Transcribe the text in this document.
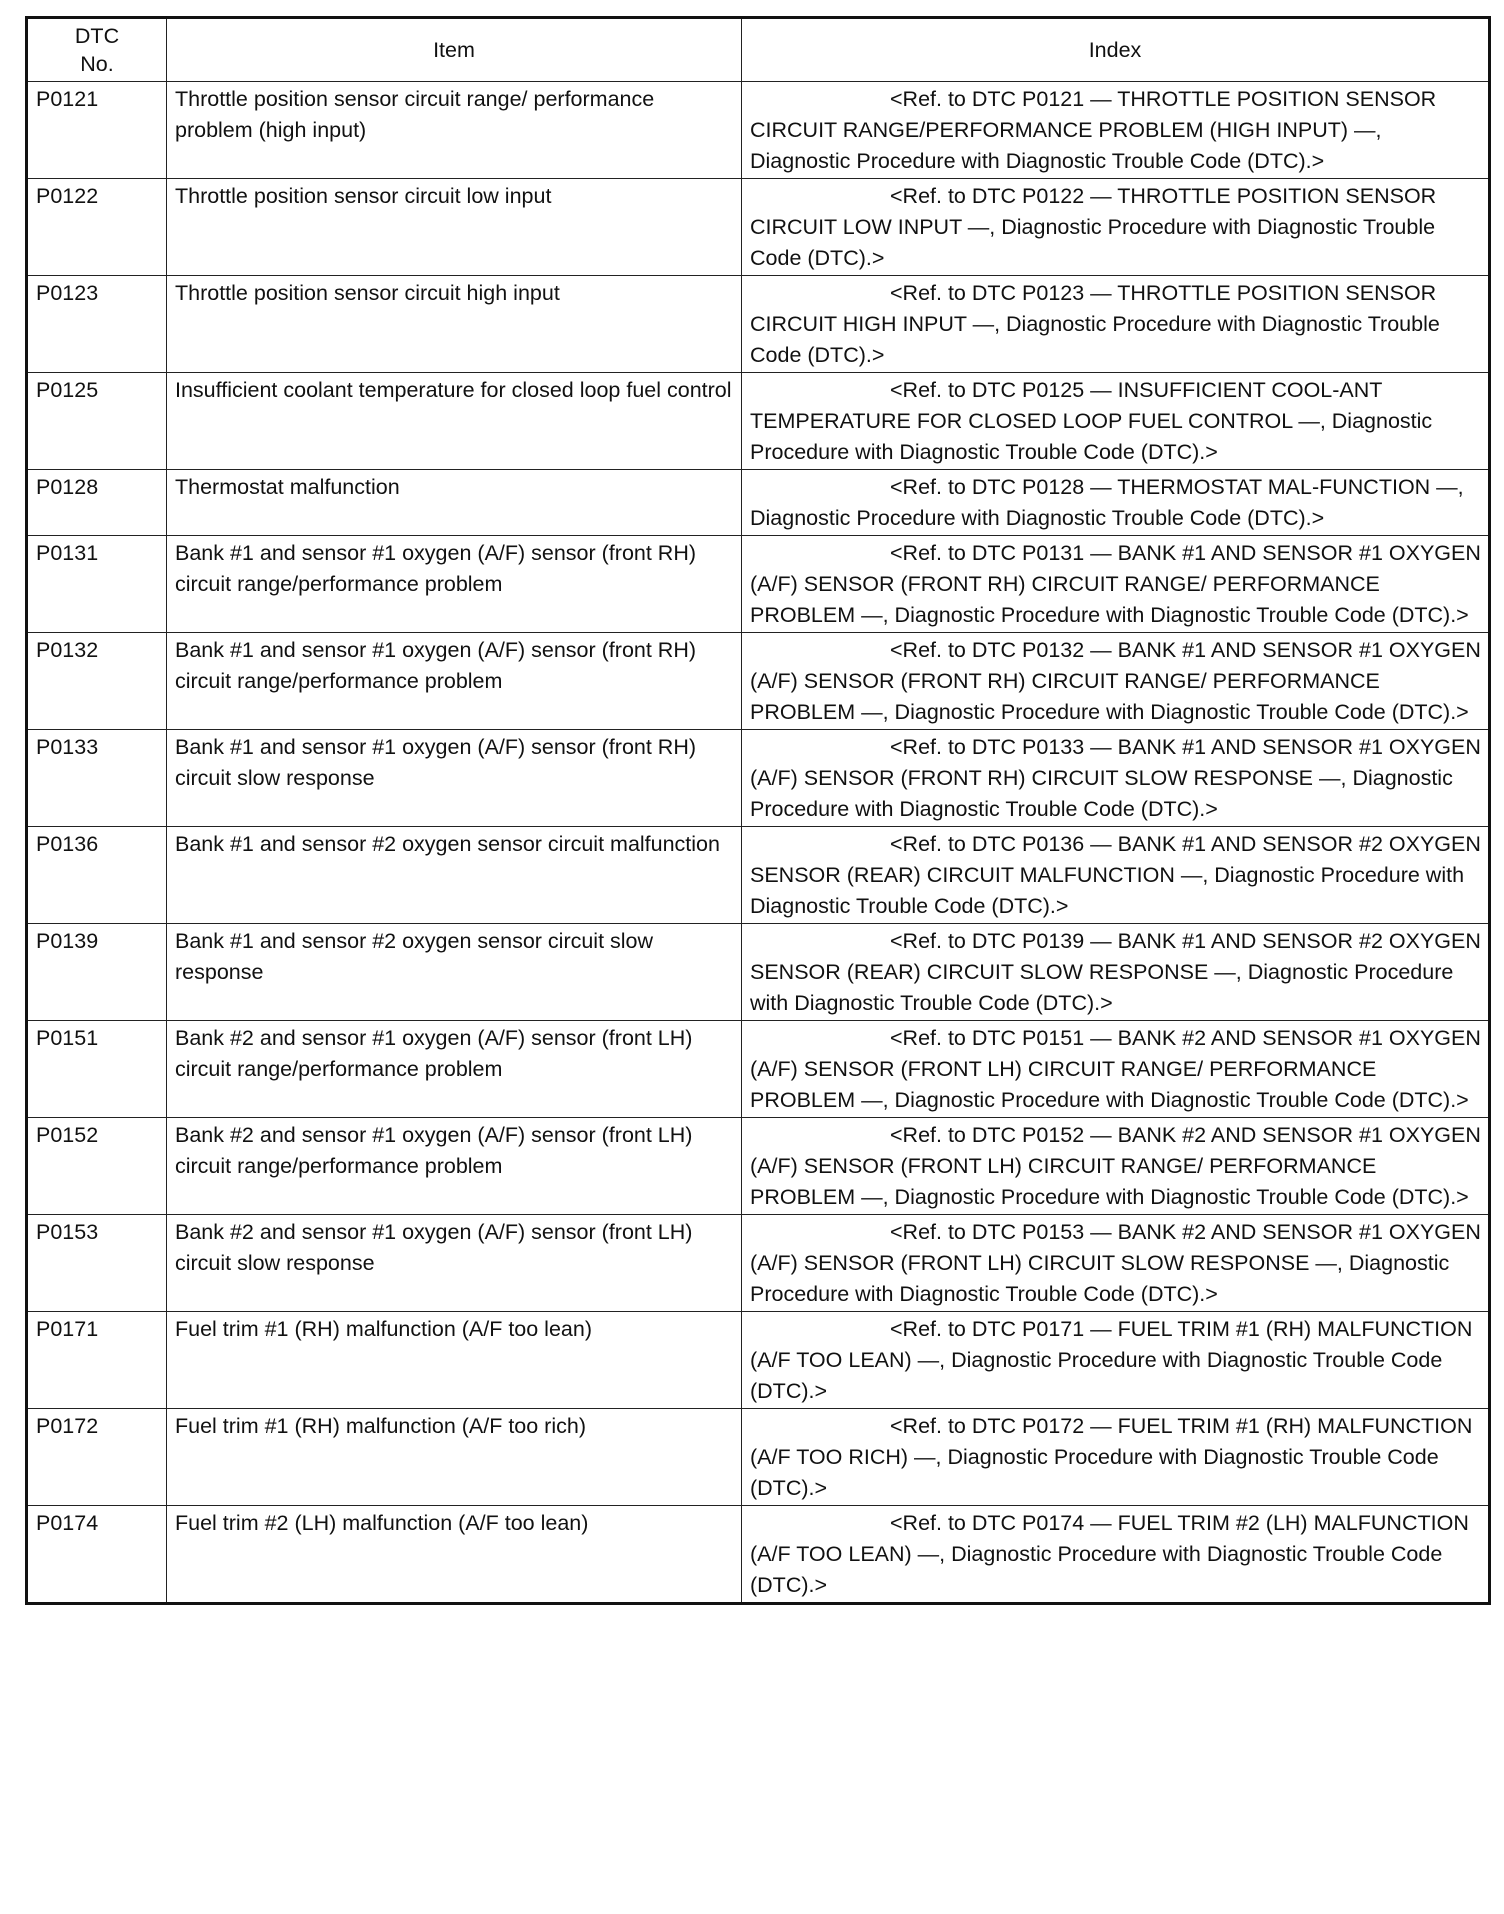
DTC
No.	Item	Index
P0121	Throttle position sensor circuit range/ performance problem (high input)	<Ref. to DTC P0121 — THROTTLE POSITION SENSOR CIRCUIT RANGE/PERFORMANCE PROBLEM (HIGH INPUT) —, Diagnostic Procedure with Diagnostic Trouble Code (DTC).>
P0122	Throttle position sensor circuit low input	<Ref. to DTC P0122 — THROTTLE POSITION SENSOR CIRCUIT LOW INPUT —, Diagnostic Procedure with Diagnostic Trouble Code (DTC).>
P0123	Throttle position sensor circuit high input	<Ref. to DTC P0123 — THROTTLE POSITION SENSOR CIRCUIT HIGH INPUT —, Diagnostic Procedure with Diagnostic Trouble Code (DTC).>
P0125	Insufficient coolant temperature for closed loop fuel control	<Ref. to DTC P0125 — INSUFFICIENT COOL-ANT TEMPERATURE FOR CLOSED LOOP FUEL CONTROL —, Diagnostic Procedure with Diagnostic Trouble Code (DTC).>
P0128	Thermostat malfunction	<Ref. to DTC P0128 — THERMOSTAT MAL-FUNCTION —, Diagnostic Procedure with Diagnostic Trouble Code (DTC).>
P0131	Bank #1 and sensor #1 oxygen (A/F) sensor (front RH) circuit range/performance problem	<Ref. to DTC P0131 — BANK #1 AND SENSOR #1 OXYGEN (A/F) SENSOR (FRONT RH) CIRCUIT RANGE/ PERFORMANCE PROBLEM —, Diagnostic Procedure with Diagnostic Trouble Code (DTC).>
P0132	Bank #1 and sensor #1 oxygen (A/F) sensor (front RH) circuit range/performance problem	<Ref. to DTC P0132 — BANK #1 AND SENSOR #1 OXYGEN (A/F) SENSOR (FRONT RH) CIRCUIT RANGE/ PERFORMANCE PROBLEM —, Diagnostic Procedure with Diagnostic Trouble Code (DTC).>
P0133	Bank #1 and sensor #1 oxygen (A/F) sensor (front RH) circuit slow response	<Ref. to DTC P0133 — BANK #1 AND SENSOR #1 OXYGEN (A/F) SENSOR (FRONT RH) CIRCUIT SLOW RESPONSE —, Diagnostic Procedure with Diagnostic Trouble Code (DTC).>
P0136	Bank #1 and sensor #2 oxygen sensor circuit malfunction	<Ref. to DTC P0136 — BANK #1 AND SENSOR #2 OXYGEN SENSOR (REAR) CIRCUIT MALFUNCTION —, Diagnostic Procedure with Diagnostic Trouble Code (DTC).>
P0139	Bank #1 and sensor #2 oxygen sensor circuit slow response	<Ref. to DTC P0139 — BANK #1 AND SENSOR #2 OXYGEN SENSOR (REAR) CIRCUIT SLOW RESPONSE —, Diagnostic Procedure with Diagnostic Trouble Code (DTC).>
P0151	Bank #2 and sensor #1 oxygen (A/F) sensor (front LH) circuit range/performance problem	<Ref. to DTC P0151 — BANK #2 AND SENSOR #1 OXYGEN (A/F) SENSOR (FRONT LH) CIRCUIT RANGE/ PERFORMANCE PROBLEM —, Diagnostic Procedure with Diagnostic Trouble Code (DTC).>
P0152	Bank #2 and sensor #1 oxygen (A/F) sensor (front LH) circuit range/performance problem	<Ref. to DTC P0152 — BANK #2 AND SENSOR #1 OXYGEN (A/F) SENSOR (FRONT LH) CIRCUIT RANGE/ PERFORMANCE PROBLEM —, Diagnostic Procedure with Diagnostic Trouble Code (DTC).>
P0153	Bank #2 and sensor #1 oxygen (A/F) sensor (front LH) circuit slow response	<Ref. to DTC P0153 — BANK #2 AND SENSOR #1 OXYGEN (A/F) SENSOR (FRONT LH) CIRCUIT SLOW RESPONSE —, Diagnostic Procedure with Diagnostic Trouble Code (DTC).>
P0171	Fuel trim #1 (RH) malfunction (A/F too lean)	<Ref. to DTC P0171 — FUEL TRIM #1 (RH) MALFUNCTION (A/F TOO LEAN) —, Diagnostic Procedure with Diagnostic Trouble Code (DTC).>
P0172	Fuel trim #1 (RH) malfunction (A/F too rich)	<Ref. to DTC P0172 — FUEL TRIM #1 (RH) MALFUNCTION (A/F TOO RICH) —, Diagnostic Procedure with Diagnostic Trouble Code (DTC).>
P0174	Fuel trim #2 (LH) malfunction (A/F too lean)	<Ref. to DTC P0174 — FUEL TRIM #2 (LH) MALFUNCTION (A/F TOO LEAN) —, Diagnostic Procedure with Diagnostic Trouble Code (DTC).>
